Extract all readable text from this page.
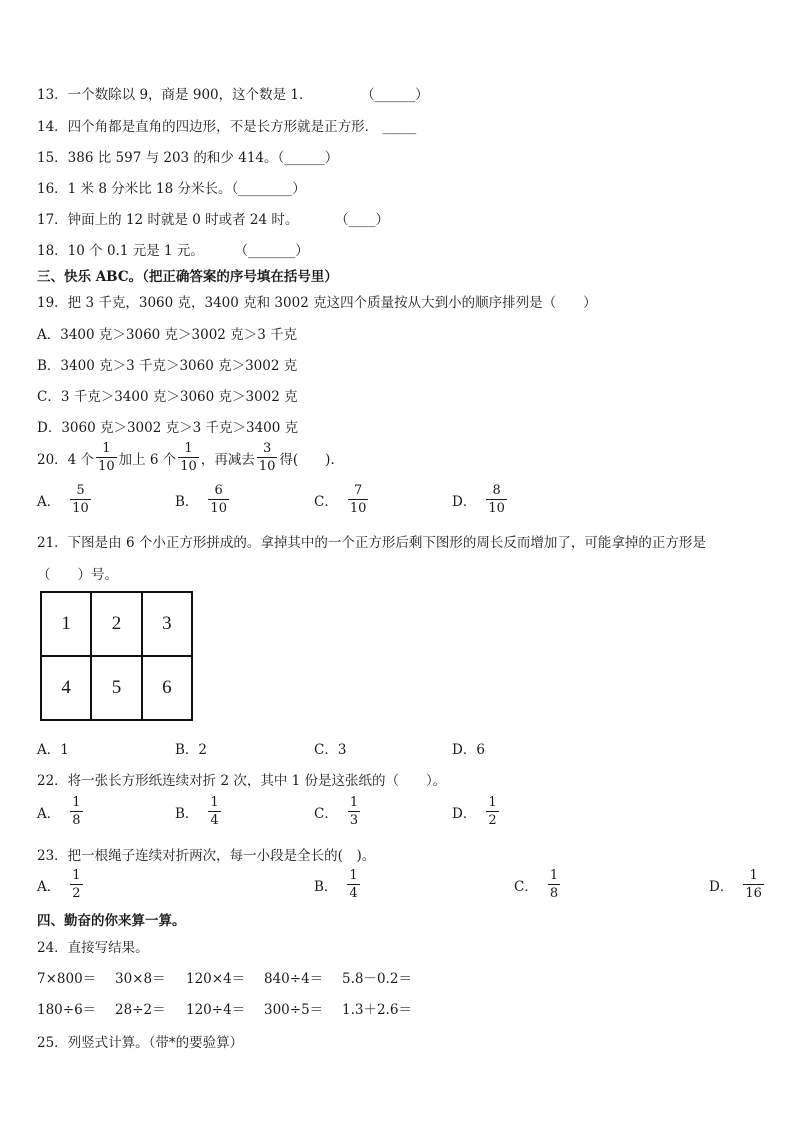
13．一个数除以 9，商是 900，这个数是 1．	（______）
14．四个角都是直角的四边形，不是长方形就是正方形． _____
15．386 比 597 与 203 的和少 414。（______）
16．1 米 8 分米比 18 分米长。（________）
17．钟面上的 12 时就是 0 时或者 24 时。	（____）
18．10 个 0.1 元是 1 元。 （_______）
三、快乐 ABC。（把正确答案的序号填在括号里）
19．把 3 千克，3060 克，3400 克和 3002 克这四个质量按从大到小的顺序排列是（　　）
A．3400 克＞3060 克＞3002 克＞3 千克
B．3400 克＞3 千克＞3060 克＞3002 克
C．3 千克＞3400 克＞3060 克＞3002 克
D．3060 克＞3002 克＞3 千克＞3400 克
20．4 个 $\frac{1}{10}$ 加上 6 个 $\frac{1}{10}$ ，再减去 $\frac{3}{10}$ 得(　　).
A． $\frac{5}{10}$	B． $\frac{6}{10}$	C． $\frac{7}{10}$	D． $\frac{8}{10}$
21．下图是由 6 个小正方形拼成的。拿掉其中的一个正方形后剩下图形的周长反而增加了，可能拿掉的正方形是
（　　）号。
1	2	3
4	5	6
A．1	B．2	C．3	D．6
22．将一张长方形纸连续对折 2 次，其中 1 份是这张纸的（　　）。
A． $\frac{1}{8}$	B． $\frac{1}{4}$	C． $\frac{1}{3}$	D． $\frac{1}{2}$
23．把一根绳子连续对折两次，每一小段是全长的(　)。
A． $\frac{1}{2}$	B． $\frac{1}{4}$	C． $\frac{1}{8}$	D． $\frac{1}{16}$
四、勤奋的你来算一算。
24．直接写结果。
7×800＝ 30×8＝ 120×4＝ 840÷4＝ 5.8－0.2＝
180÷6＝ 28÷2＝ 120÷4＝ 300÷5＝ 1.3＋2.6＝
25．列竖式计算。（带*的要验算）
